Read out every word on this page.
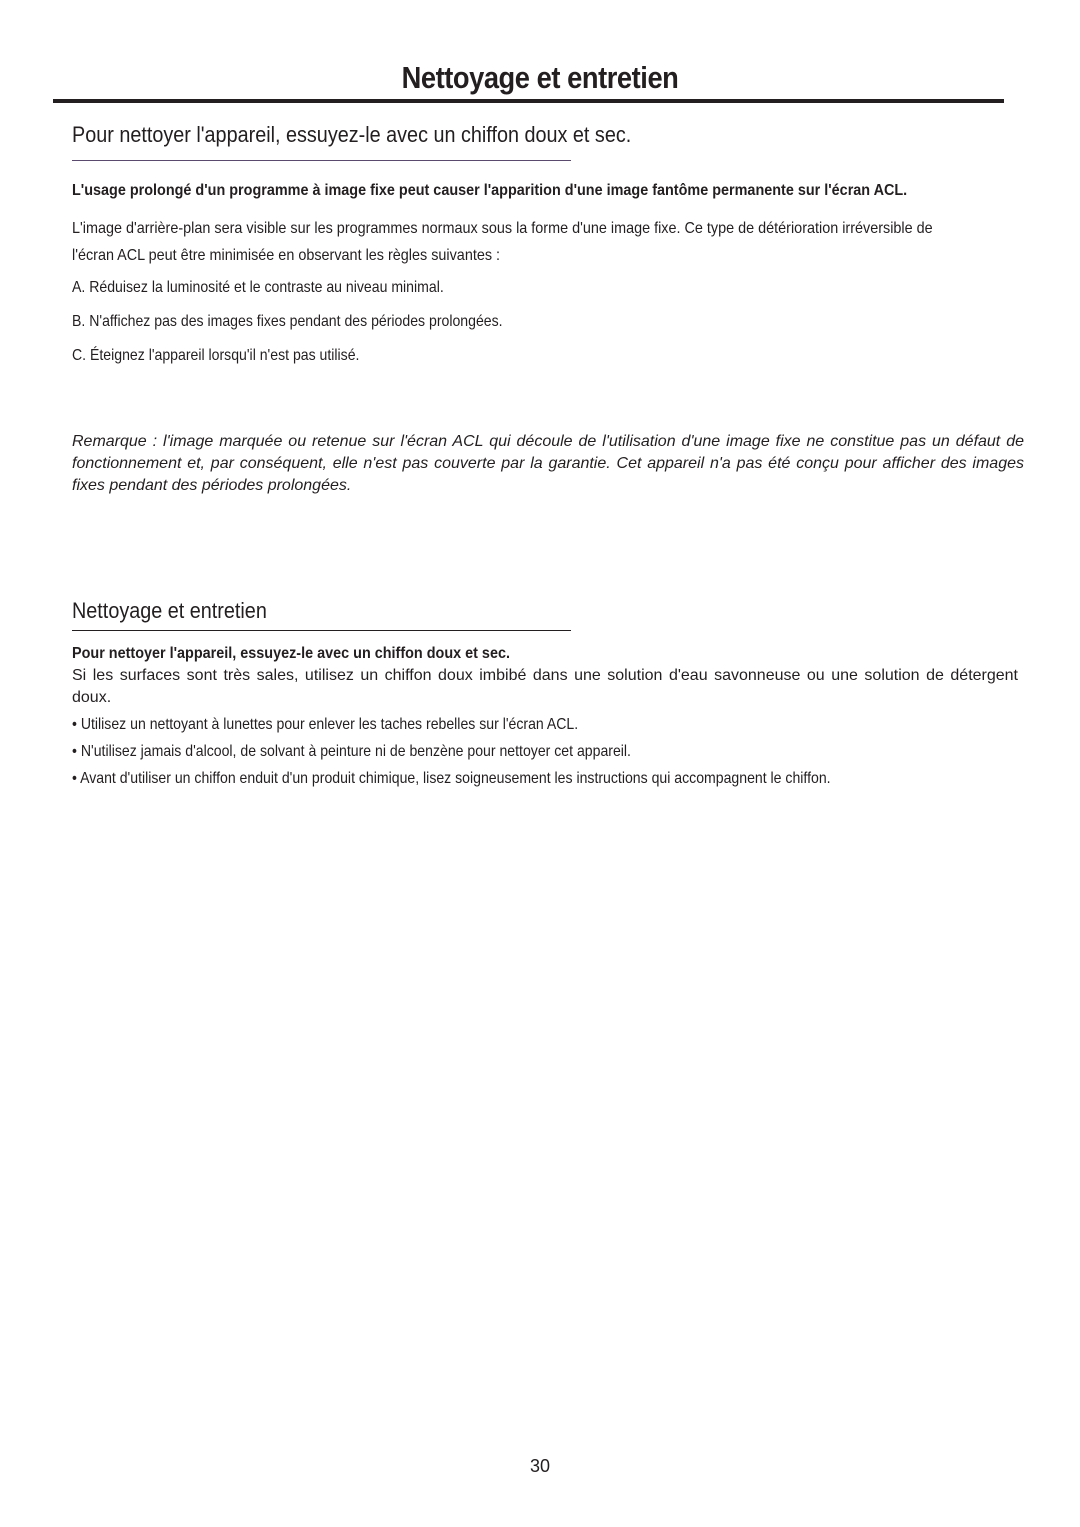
Nettoyage et entretien
Pour nettoyer l'appareil, essuyez-le avec un chiffon doux et sec.
L'usage prolongé d'un programme à image fixe peut causer l'apparition d'une image fantôme permanente sur l'écran ACL.
L'image d'arrière-plan sera visible sur les programmes normaux sous la forme d'une image fixe. Ce type de détérioration irréversible de
l'écran ACL peut être minimisée en observant les règles suivantes :
A. Réduisez la luminosité et le contraste au niveau minimal.
B. N'affichez pas des images fixes pendant des périodes prolongées.
C. Éteignez l'appareil lorsqu'il n'est pas utilisé.
Remarque : l'image marquée ou retenue sur l'écran ACL qui découle de l'utilisation d'une image fixe ne constitue pas un défaut de fonctionnement et, par conséquent, elle n'est pas couverte par la garantie. Cet appareil n'a pas été conçu pour afficher des images fixes pendant des périodes prolongées.
Nettoyage et entretien
Pour nettoyer l'appareil, essuyez-le avec un chiffon doux et sec.
Si les surfaces sont très sales, utilisez un chiffon doux imbibé dans une solution d'eau savonneuse ou une solution de détergent doux.
• Utilisez un nettoyant à lunettes pour enlever les taches rebelles sur l'écran ACL.
• N'utilisez jamais d'alcool, de solvant à peinture ni de benzène pour nettoyer cet appareil.
• Avant d'utiliser un chiffon enduit d'un produit chimique, lisez soigneusement les instructions qui accompagnent le chiffon.
30
